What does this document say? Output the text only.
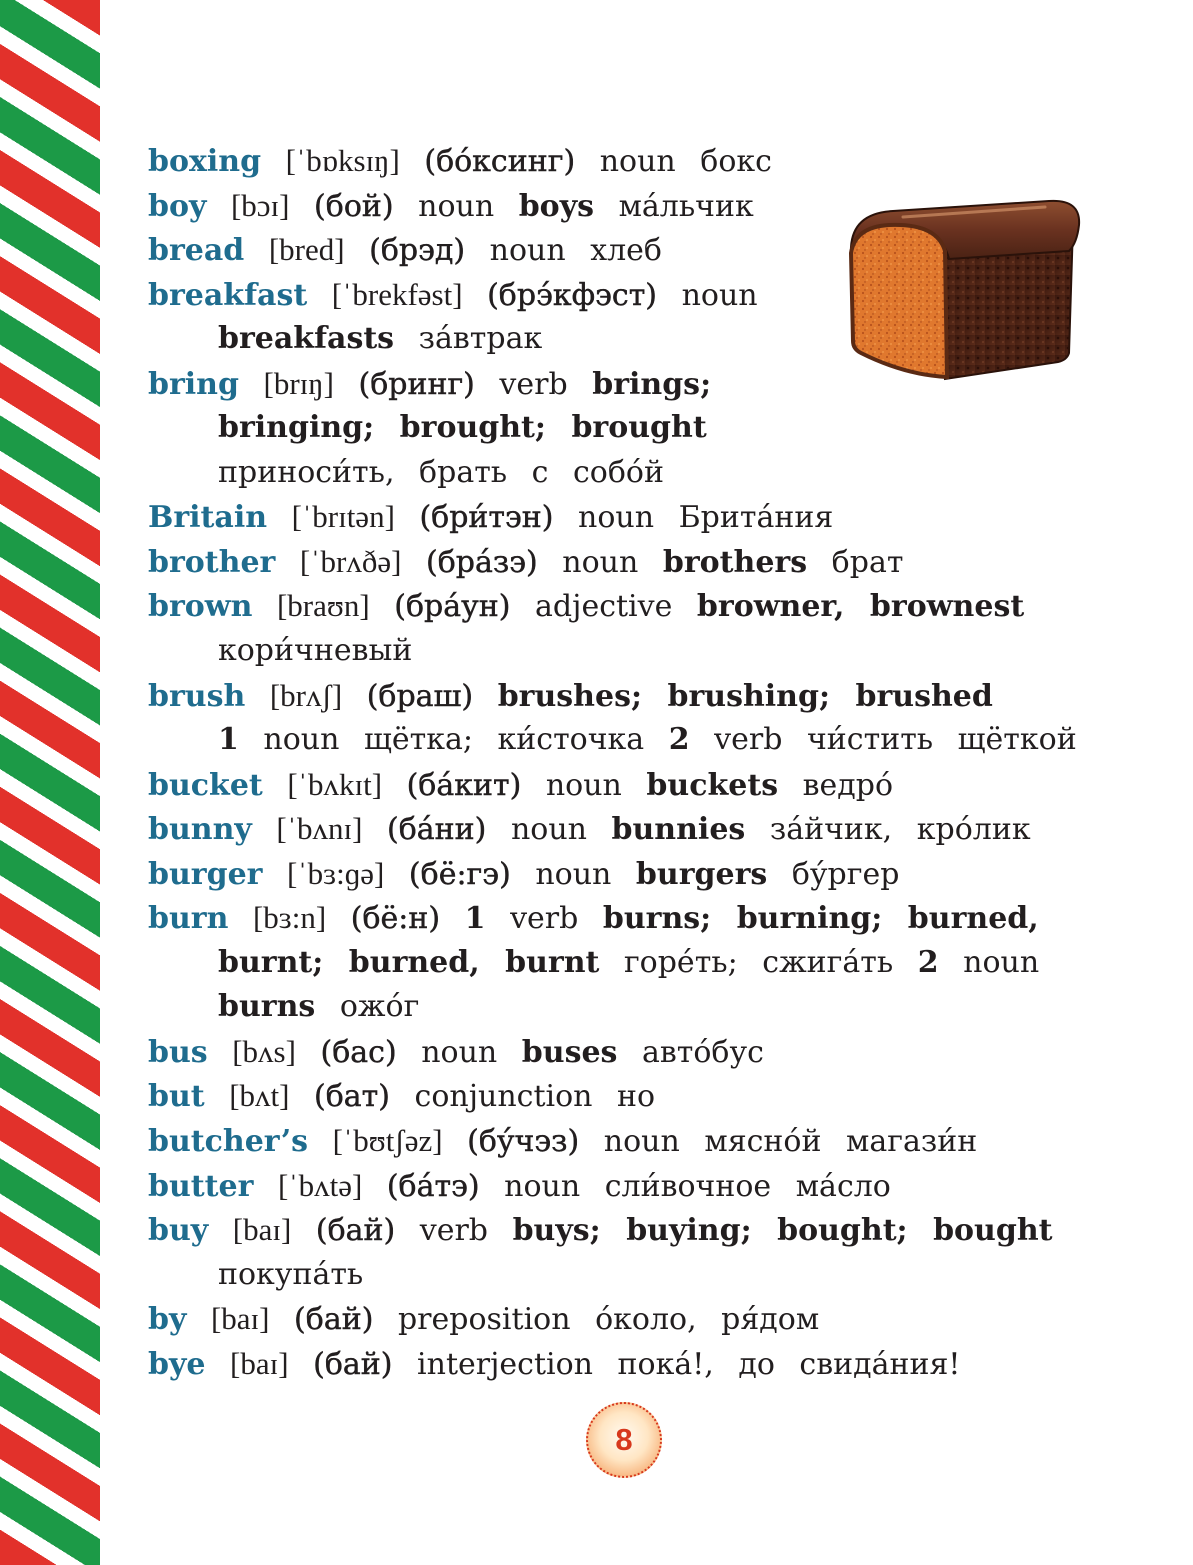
boxing [ˈbɒksɪŋ] (бо́ксинг) noun бокс
boy [bɔɪ] (бой) noun boys ма́льчик
bread [bred] (брэд) noun хлеб
breakfast [ˈbrekfəst] (брэ́кфэст) noun
breakfasts за́втрак
bring [brɪŋ] (бринг) verb brings;
bringing; brought; brought
приноси́ть, брать с собо́й
Britain [ˈbrɪtən] (бри́тэн) noun Брита́ния
brother [ˈbrʌðə] (бра́зэ) noun brothers брат
brown [braʊn] (бра́ун) adjective browner, brownest
кори́чневый
brush [brʌʃ] (браш) brushes; brushing; brushed
1 noun щётка; ки́сточка 2 verb чи́стить щёткой
bucket [ˈbʌkɪt] (ба́кит) noun buckets ведро́
bunny [ˈbʌnɪ] (ба́ни) noun bunnies за́йчик, кро́лик
burger [ˈbɜ:ɡə] (бё:гэ) noun burgers бу́ргер
burn [bɜ:n] (бё:н) 1 verb burns; burning; burned,
burnt; burned, burnt горе́ть; сжига́ть 2 noun
burns ожо́г
bus [bʌs] (бас) noun buses авто́бус
but [bʌt] (бат) conjunction но
butcher’s [ˈbʊtʃəz] (бу́чэз) noun мясно́й магази́н
butter [ˈbʌtə] (ба́тэ) noun сли́вочное ма́сло
buy [baɪ] (бай) verb buys; buying; bought; bought
покупа́ть
by [baɪ] (бай) preposition о́коло, ря́дом
bye [baɪ] (бай) interjection пока́!, до свида́ния!
8
